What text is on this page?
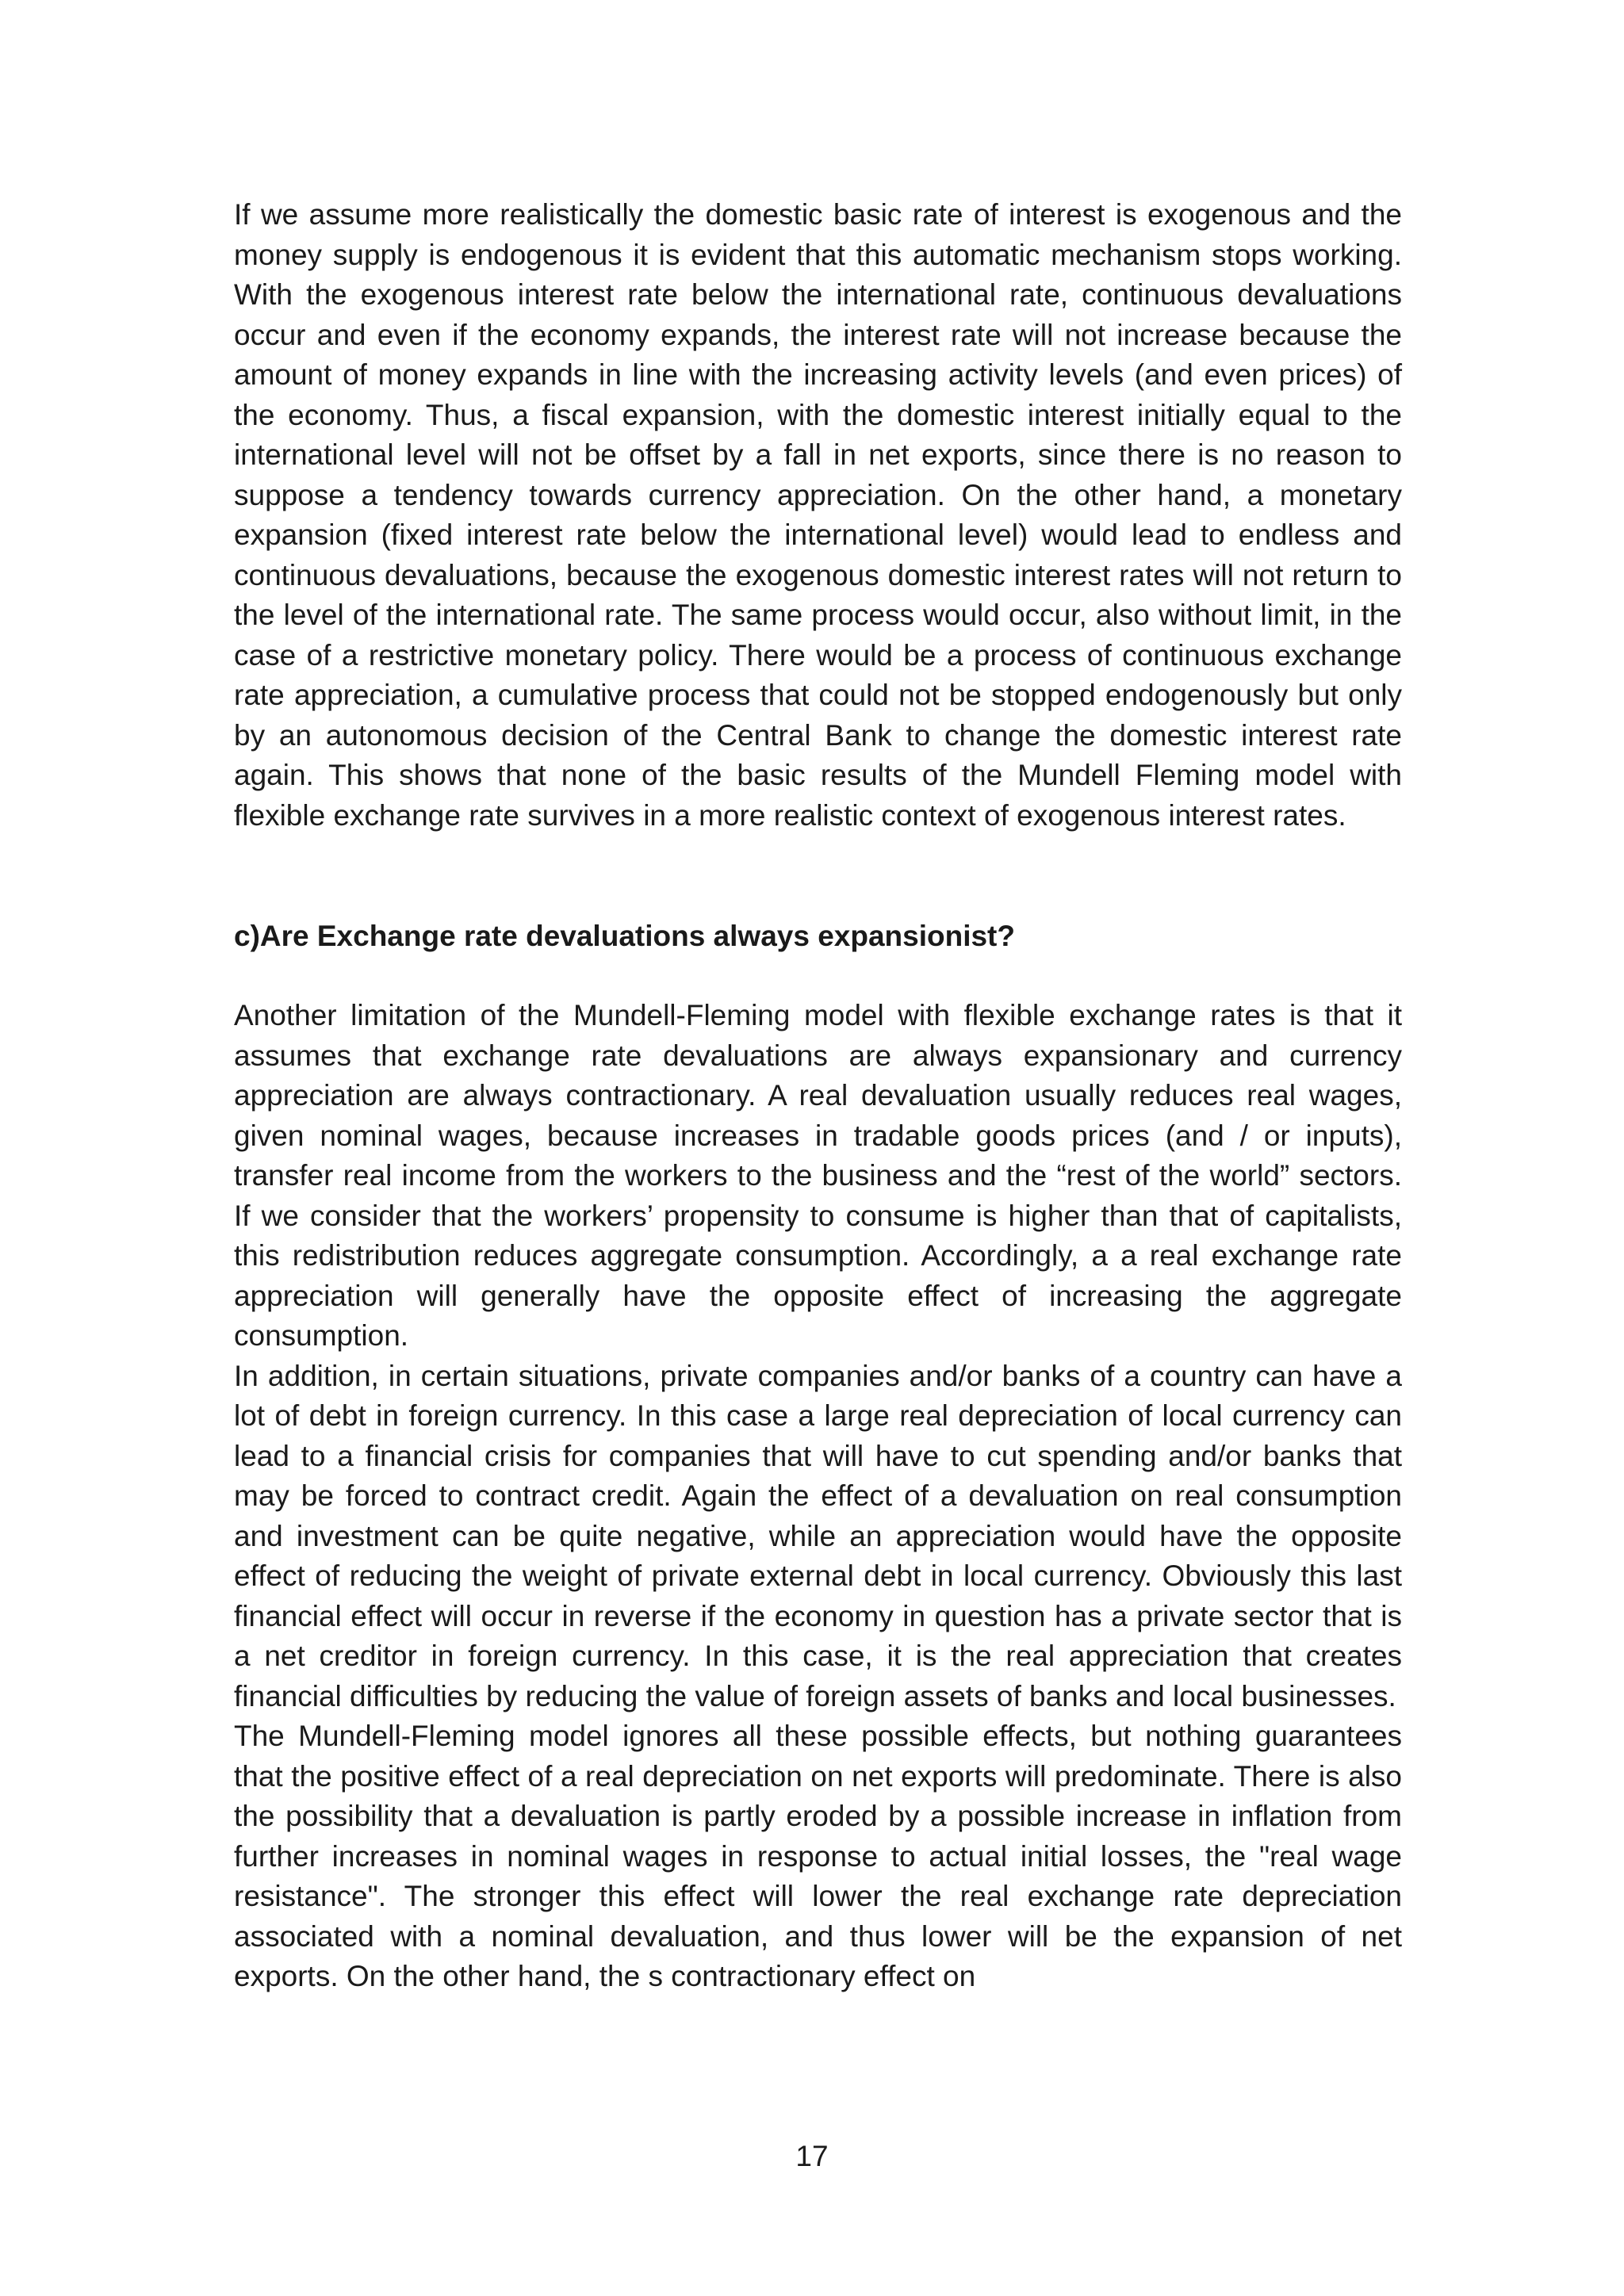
If we assume more realistically the domestic basic rate of interest is exogenous and the money supply is endogenous it is evident that this automatic mechanism stops working. With the exogenous interest rate below the international rate, continuous devaluations occur and even if the economy expands, the interest rate will not increase because the amount of money expands in line with the increasing activity levels (and even prices) of the economy. Thus, a fiscal expansion, with the domestic interest initially equal to the international level will not be offset by a fall in net exports, since there is no reason to suppose a tendency towards currency appreciation. On the other hand, a monetary expansion (fixed interest rate below the international level) would lead to endless and continuous devaluations, because the exogenous domestic interest rates will not return to the level of the international rate. The same process would occur, also without limit, in the case of a restrictive monetary policy. There would be a process of continuous exchange rate appreciation, a cumulative process that could not be stopped endogenously but only by an autonomous decision of the Central Bank to change the domestic interest rate again. This shows that none of the basic results of the Mundell Fleming model with flexible exchange rate survives in a more realistic context of exogenous interest rates.

c)Are Exchange rate devaluations always expansionist?

Another limitation of the Mundell-Fleming model with flexible exchange rates is that it assumes that exchange rate devaluations are always expansionary and currency appreciation are always contractionary. A real devaluation usually reduces real wages, given nominal wages, because increases in tradable goods prices (and / or inputs), transfer real income from the workers to the business and the “rest of the world” sectors. If we consider that the workers’ propensity to consume is higher than that of capitalists, this redistribution reduces aggregate consumption. Accordingly, a a real exchange rate appreciation will generally have the opposite effect of increasing the aggregate consumption.

In addition, in certain situations, private companies and/or banks of a country can have a lot of debt in foreign currency. In this case a large real depreciation of local currency can lead to a financial crisis for companies that will have to cut spending and/or banks that may be forced to contract credit. Again the effect of a devaluation on real consumption and investment can be quite negative, while an appreciation would have the opposite effect of reducing the weight of private external debt in local currency. Obviously this last financial effect will occur in reverse if the economy in question has a private sector that is a net creditor in foreign currency. In this case, it is the real appreciation that creates financial difficulties by reducing the value of foreign assets of banks and local businesses.

The Mundell-Fleming model ignores all these possible effects, but nothing guarantees that the positive effect of a real depreciation on net exports will predominate. There is also the possibility that a devaluation is partly eroded by a possible increase in inflation from further increases in nominal wages in response to actual initial losses, the "real wage resistance". The stronger this effect will lower the real exchange rate depreciation associated with a nominal devaluation, and thus lower will be the expansion of net exports. On the other hand, the s contractionary effect on

17
